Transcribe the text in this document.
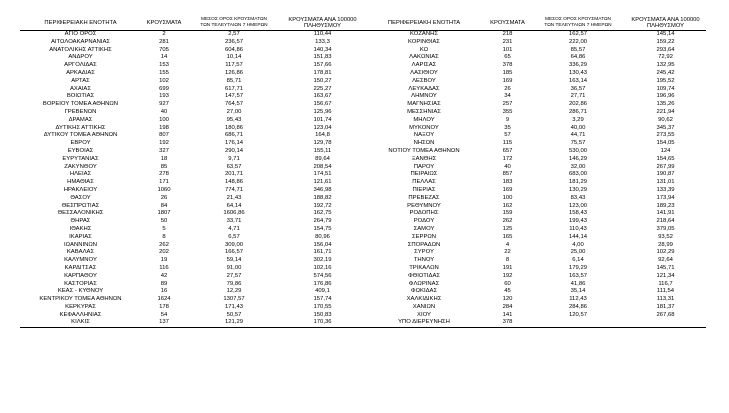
ΠΕΡΙΦΕΡΕΙΑΚΗ ΕΝΟΤΗΤΑ	ΚΡΟΥΣΜΑΤΑ	ΜΕΣΟΣ ΟΡΟΣ ΚΡΟΥΣΜΑΤΩΝ
ΤΩΝ ΤΕΛΕΥΤΑΙΩΝ 7 ΗΜΕΡΩΝ	ΚΡΟΥΣΜΑΤΑ ΑΝΑ 100000
ΠΛΗΘΥΣΜΟΥ	ΠΕΡΙΦΕΡΕΙΑΚΗ ΕΝΟΤΗΤΑ	ΚΡΟΥΣΜΑΤΑ	ΜΕΣΟΣ ΟΡΟΣ ΚΡΟΥΣΜΑΤΩΝ
ΤΩΝ ΤΕΛΕΥΤΑΙΩΝ 7 ΗΜΕΡΩΝ	ΚΡΟΥΣΜΑΤΑ ΑΝΑ 100000
ΠΛΗΘΥΣΜΟΥ
ΑΓΙΟ ΟΡΟΣ	2	2,57	110,44	ΚΟΖΑΝΗΣ	218	162,57	145,14
ΑΙΤΩΛΟΑΚΑΡΝΑΝΙΑΣ	281	236,57	133,3	ΚΟΡΙΝΘΙΑΣ	231	222,00	159,22
ΑΝΑΤΟΛΙΚΗΣ ΑΤΤΙΚΗΣ	705	604,86	140,34	ΚΩ	101	85,57	293,64
ΑΝΔΡΟΥ	14	10,14	151,83	ΛΑΚΩΝΙΑΣ	65	64,86	72,92
ΑΡΓΟΛΙΔΑΣ	153	117,57	157,66	ΛΑΡΙΣΑΣ	378	336,29	132,95
ΑΡΚΑΔΙΑΣ	155	126,86	178,81	ΛΑΣΙΘΙΟΥ	185	130,43	245,42
ΑΡΤΑΣ	102	85,71	150,27	ΛΕΣΒΟΥ	169	163,14	195,52
ΑΧΑΪΑΣ	699	617,71	225,27	ΛΕΥΚΑΔΑΣ	26	36,57	109,74
ΒΟΙΩΤΙΑΣ	193	147,57	163,67	ΛΗΜΝΟΥ	34	27,71	196,96
ΒΟΡΕΙΟΥ ΤΟΜΕΑ ΑΘΗΝΩΝ	927	764,57	156,67	ΜΑΓΝΗΣΙΑΣ	257	202,86	135,26
ΓΡΕΒΕΝΩΝ	40	27,00	125,96	ΜΕΣΣΗΝΙΑΣ	355	286,71	221,94
ΔΡΑΜΑΣ	100	95,43	101,74	ΜΗΛΟΥ	9	3,29	90,62
ΔΥΤΙΚΗΣ ΑΤΤΙΚΗΣ	198	180,86	123,04	ΜΥΚΟΝΟΥ	35	40,00	345,37
ΔΥΤΙΚΟΥ ΤΟΜΕΑ ΑΘΗΝΩΝ	807	686,71	164,8	ΝΑΞΟΥ	57	44,71	273,55
ΕΒΡΟΥ	192	176,14	129,78	ΝΗΣΩΝ	115	75,57	154,05
ΕΥΒΟΙΑΣ	327	290,14	155,11	ΝΟΤΙΟΥ ΤΟΜΕΑ ΑΘΗΝΩΝ	657	530,00	124
ΕΥΡΥΤΑΝΙΑΣ	18	9,71	89,64	ΞΑΝΘΗΣ	172	146,29	154,65
ΖΑΚΥΝΘΟΥ	85	63,57	208,54	ΠΑΡΟΥ	40	32,00	267,99
ΗΛΕΙΑΣ	278	201,71	174,51	ΠΕΙΡΑΙΩΣ	857	683,00	190,87
ΗΜΑΘΙΑΣ	171	148,86	121,61	ΠΕΛΛΑΣ	183	181,29	131,01
ΗΡΑΚΛΕΙΟΥ	1060	774,71	346,98	ΠΙΕΡΙΑΣ	169	130,29	133,39
ΘΑΣΟΥ	26	21,43	188,82	ΠΡΕΒΕΖΑΣ	100	83,43	173,94
ΘΕΣΠΡΩΤΙΑΣ	84	64,14	192,72	ΡΕΘΥΜΝΟΥ	162	123,00	189,23
ΘΕΣΣΑΛΟΝΙΚΗΣ	1807	1606,86	162,75	ΡΟΔΟΠΗΣ	159	158,43	141,91
ΘΗΡΑΣ	50	33,71	264,79	ΡΟΔΟΥ	262	199,43	218,64
ΙΘΑΚΗΣ	5	4,71	154,75	ΣΑΜΟΥ	125	110,43	379,05
ΙΚΑΡΙΑΣ	8	6,57	80,96	ΣΕΡΡΩΝ	165	144,14	93,52
ΙΩΑΝΝΙΝΩΝ	262	309,00	156,04	ΣΠΟΡΑΔΩΝ	4	4,00	28,99
ΚΑΒΑΛΑΣ	202	166,57	161,71	ΣΥΡΟΥ	22	25,00	102,29
ΚΑΛΥΜΝΟΥ	19	59,14	302,19	ΤΗΝΟΥ	8	6,14	92,64
ΚΑΡΔΙΤΣΑΣ	116	91,00	102,16	ΤΡΙΚΑΛΩΝ	191	179,29	145,71
ΚΑΡΠΑΘΟΥ	42	27,57	574,56	ΦΘΙΩΤΙΔΑΣ	192	163,57	121,34
ΚΑΣΤΟΡΙΑΣ	89	79,86	176,86	ΦΛΩΡΙΝΑΣ	60	41,86	116,7
ΚΕΑΣ - ΚΥΘΝΟΥ	16	12,29	409,1	ΦΩΚΙΔΑΣ	45	35,14	111,54
ΚΕΝΤΡΙΚΟΥ ΤΟΜΕΑ ΑΘΗΝΩΝ	1624	1307,57	157,74	ΧΑΛΚΙΔΙΚΗΣ	120	112,43	113,31
ΚΕΡΚΥΡΑΣ	178	171,43	170,55	ΧΑΝΙΩΝ	284	284,86	181,37
ΚΕΦΑΛΛΗΝΙΑΣ	54	50,57	150,83	ΧΙΟΥ	141	120,57	267,68
ΚΙΛΚΙΣ	137	121,29	170,36	ΥΠΟ ΔΙΕΡΕΥΝΗΣΗ	378		
